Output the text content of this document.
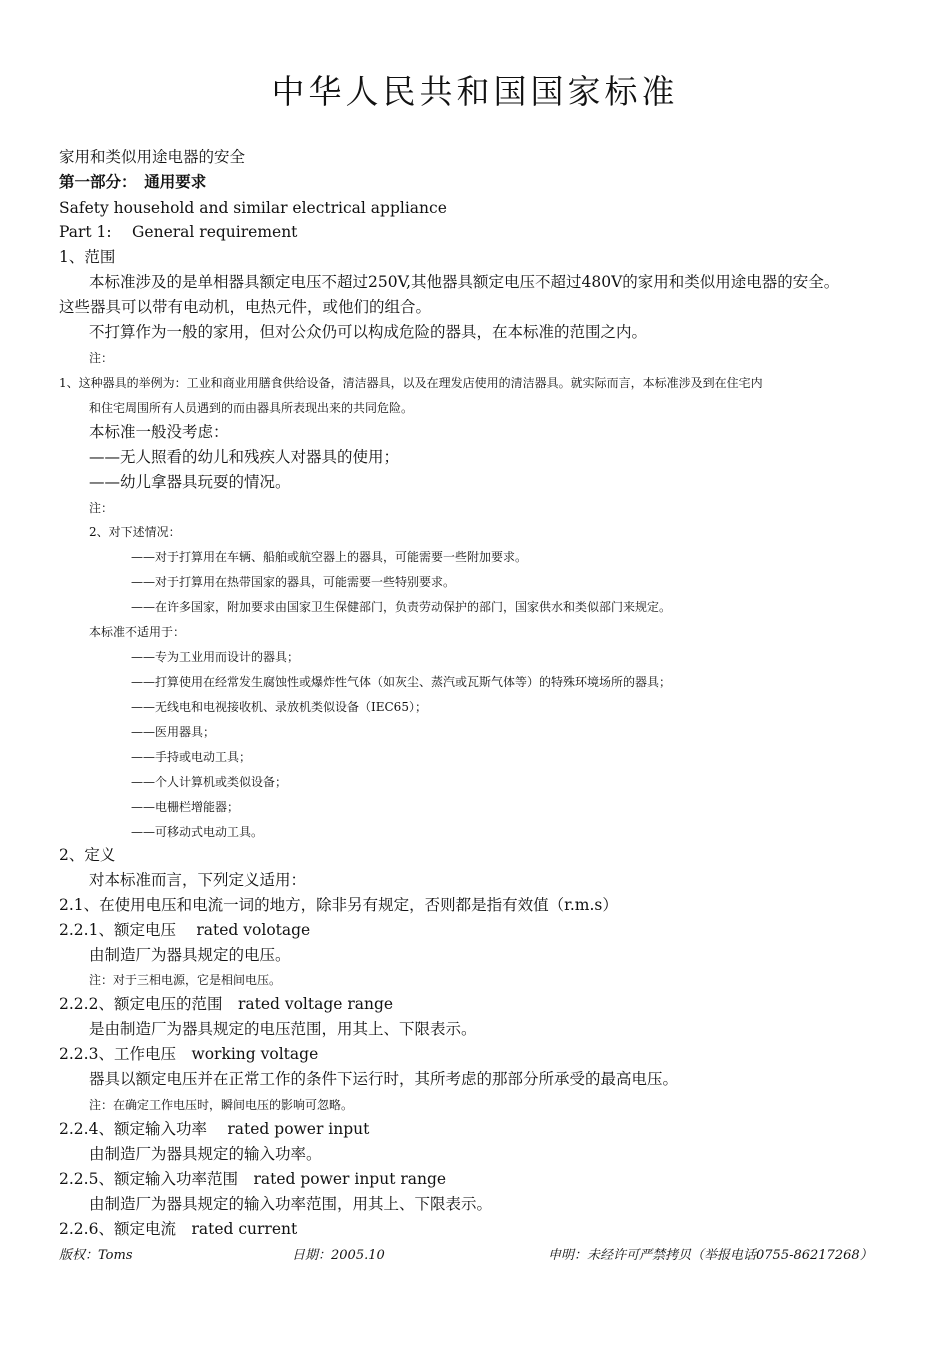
中华人民共和国国家标准
家用和类似用途电器的安全
第一部分：　通用要求
Safety household and similar electrical appliance
Part 1:　 General requirement
1、范围
本标准涉及的是单相器具额定电压不超过250V,其他器具额定电压不超过480V的家用和类似用途电器的安全。
这些器具可以带有电动机，电热元件，或他们的组合。
不打算作为一般的家用，但对公众仍可以构成危险的器具，在本标准的范围之内。
注：
1、这种器具的举例为：工业和商业用膳食供给设备，清洁器具，以及在理发店使用的清洁器具。就实际而言，本标准涉及到在住宅内
和住宅周围所有人员遇到的而由器具所表现出来的共同危险。
本标准一般没考虑：
——无人照看的幼儿和残疾人对器具的使用；
——幼儿拿器具玩耍的情况。
注：
2、对下述情况：
——对于打算用在车辆、船舶或航空器上的器具，可能需要一些附加要求。
——对于打算用在热带国家的器具，可能需要一些特别要求。
——在许多国家，附加要求由国家卫生保健部门，负责劳动保护的部门，国家供水和类似部门来规定。
本标准不适用于：
——专为工业用而设计的器具；
——打算使用在经常发生腐蚀性或爆炸性气体（如灰尘、蒸汽或瓦斯气体等）的特殊环境场所的器具；
——无线电和电视接收机、录放机类似设备（IEC65）；
——医用器具；
——手持或电动工具；
——个人计算机或类似设备；
——电栅栏增能器；
——可移动式电动工具。
2、定义
对本标准而言，下列定义适用：
2.1、在使用电压和电流一词的地方，除非另有规定，否则都是指有效值（r.m.s）
2.2.1、额定电压　 rated volotage
由制造厂为器具规定的电压。
注：对于三相电源，它是相间电压。
2.2.2、额定电压的范围　rated voltage range
是由制造厂为器具规定的电压范围，用其上、下限表示。
2.2.3、工作电压　working voltage
器具以额定电压并在正常工作的条件下运行时，其所考虑的那部分所承受的最高电压。
注：在确定工作电压时，瞬间电压的影响可忽略。
2.2.4、额定输入功率　 rated power input
由制造厂为器具规定的输入功率。
2.2.5、额定输入功率范围　rated power input range
由制造厂为器具规定的输入功率范围，用其上、下限表示。
2.2.6、额定电流　rated current
版权：Toms	日期：2005.10	申明：未经许可严禁拷贝（举报电话0755-86217268）
